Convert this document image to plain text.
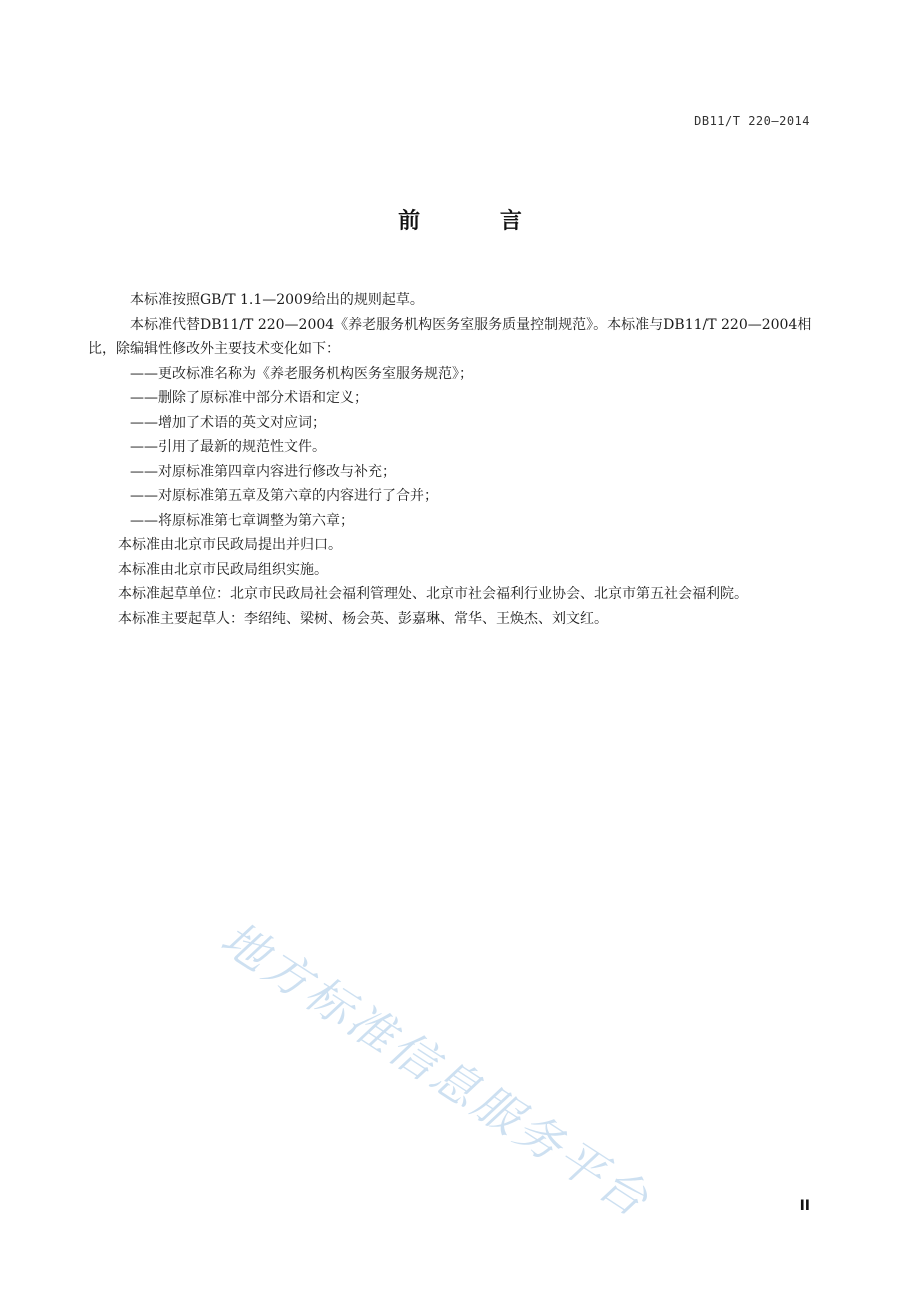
DB11/T 220—2014
前 言

本标准按照GB/T 1.1—2009给出的规则起草。

本标准代替DB11/T 220—2004《养老服务机构医务室服务质量控制规范》。本标准与DB11/T 220—2004相比，除编辑性修改外主要技术变化如下：

——更改标准名称为《养老服务机构医务室服务规范》；

——删除了原标准中部分术语和定义；

——增加了术语的英文对应词；

——引用了最新的规范性文件。

——对原标准第四章内容进行修改与补充；

——对原标准第五章及第六章的内容进行了合并；

——将原标准第七章调整为第六章；

本标准由北京市民政局提出并归口。

本标准由北京市民政局组织实施。

本标准起草单位：北京市民政局社会福利管理处、北京市社会福利行业协会、北京市第五社会福利院。

本标准主要起草人：李绍纯、梁树、杨会英、彭嘉琳、常华、王焕杰、刘文红。

地方标准信息服务平台	II
